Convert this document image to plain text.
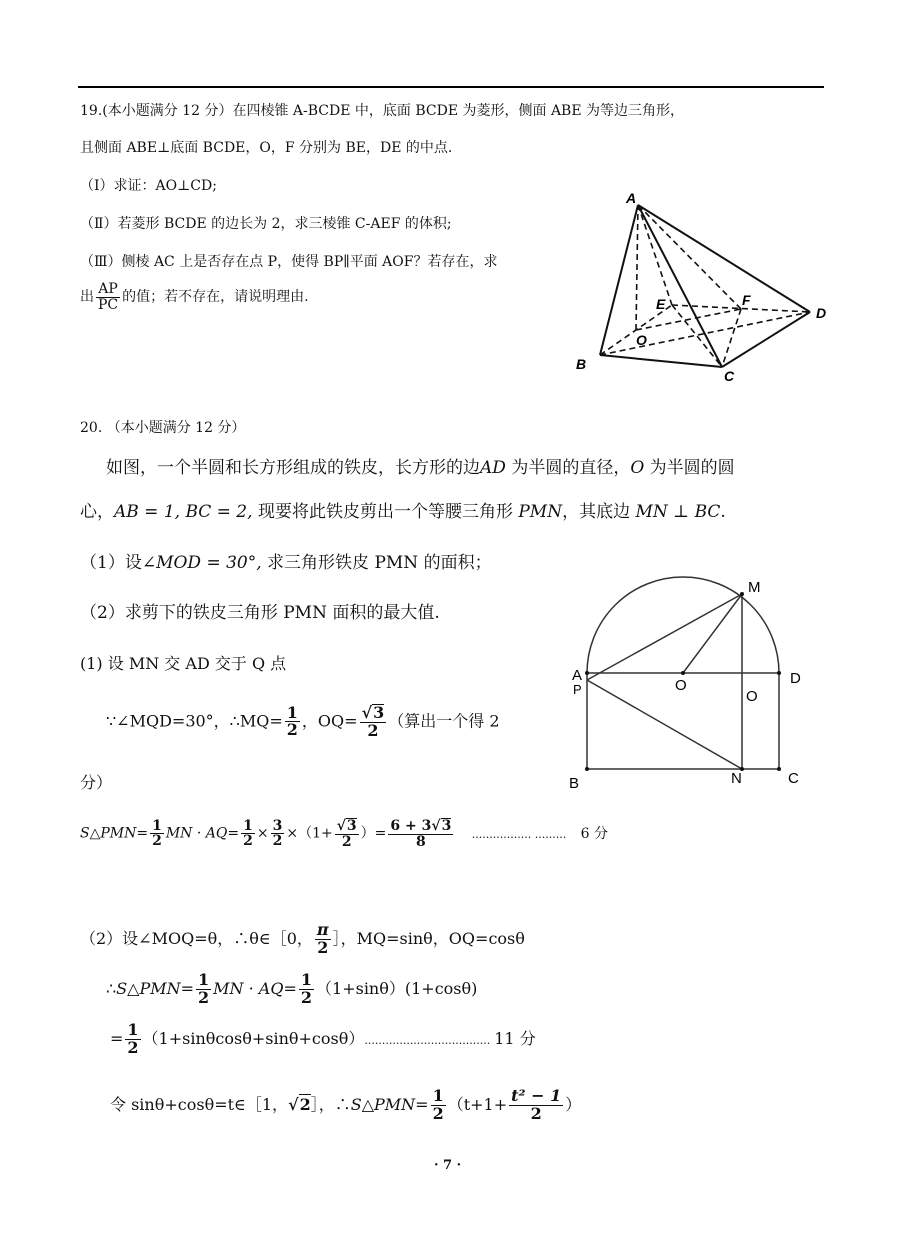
19.(本小题满分 12 分）在四棱锥 A-BCDE 中，底面 BCDE 为菱形，侧面 ABE 为等边三角形，
且侧面 ABE⊥底面 BCDE，O，F 分别为 BE，DE 的中点.
（Ⅰ）求证：AO⊥CD;
（Ⅱ）若菱形 BCDE 的边长为 2，求三棱锥 C-AEF 的体积;
（Ⅲ）侧棱 AC 上是否存在点 P，使得 BP∥平面 AOF？若存在，求
出 $\frac{AP}{PC}$ 的值；若不存在，请说明理由.
A
B
C
D
E	F
O
20. （本小题满分 12 分）
如图，一个半圆和长方形组成的铁皮，长方形的边AD 为半圆的直径，O 为半圆的圆
心，AB = 1, BC = 2, 现要将此铁皮剪出一个等腰三角形 PMN，其底边 MN ⊥ BC.
（1）设∠MOD = 30°, 求三角形铁皮 PMN 的面积；
（2）求剪下的铁皮三角形 PMN 面积的最大值.
M
A
P	O
O
D
B	N	C
(1) 设 MN 交 AD 交于 Q 点
∵∠MQD=30°，∴MQ= $\frac{1}{2}$ ，$OQ= \frac{√3}{2}$ （算出一个得 2
分）
S△PMN= $\frac{1}{2}$ MN · $AQ= \frac{1}{2} \times \frac{3}{2} \times(1+ \frac{√3}{2}$ ）= $\frac{6 + 3√3}{8}$ ................. ......... 6 分
（2）设∠MOQ=θ，∴θ∈［0， $\frac{\pi}{2}$ ］，MQ=sinθ，OQ=cosθ
∴S△PMN= $\frac{1}{2}$ MN · $AQ= \frac{1}{2} (1+\sin\theta)(1+\cos\theta)$
= $\frac{1}{2} (1+\sin\theta\cos\theta+\sin\theta+\cos\theta)$.................................... 11 分
令 sinθ+cosθ=t∈［1，√2］，∴S△PMN= $\frac{1}{2} (t+1+ \frac{\text{t² − 1}}{2}$ ）
· 7 ·
